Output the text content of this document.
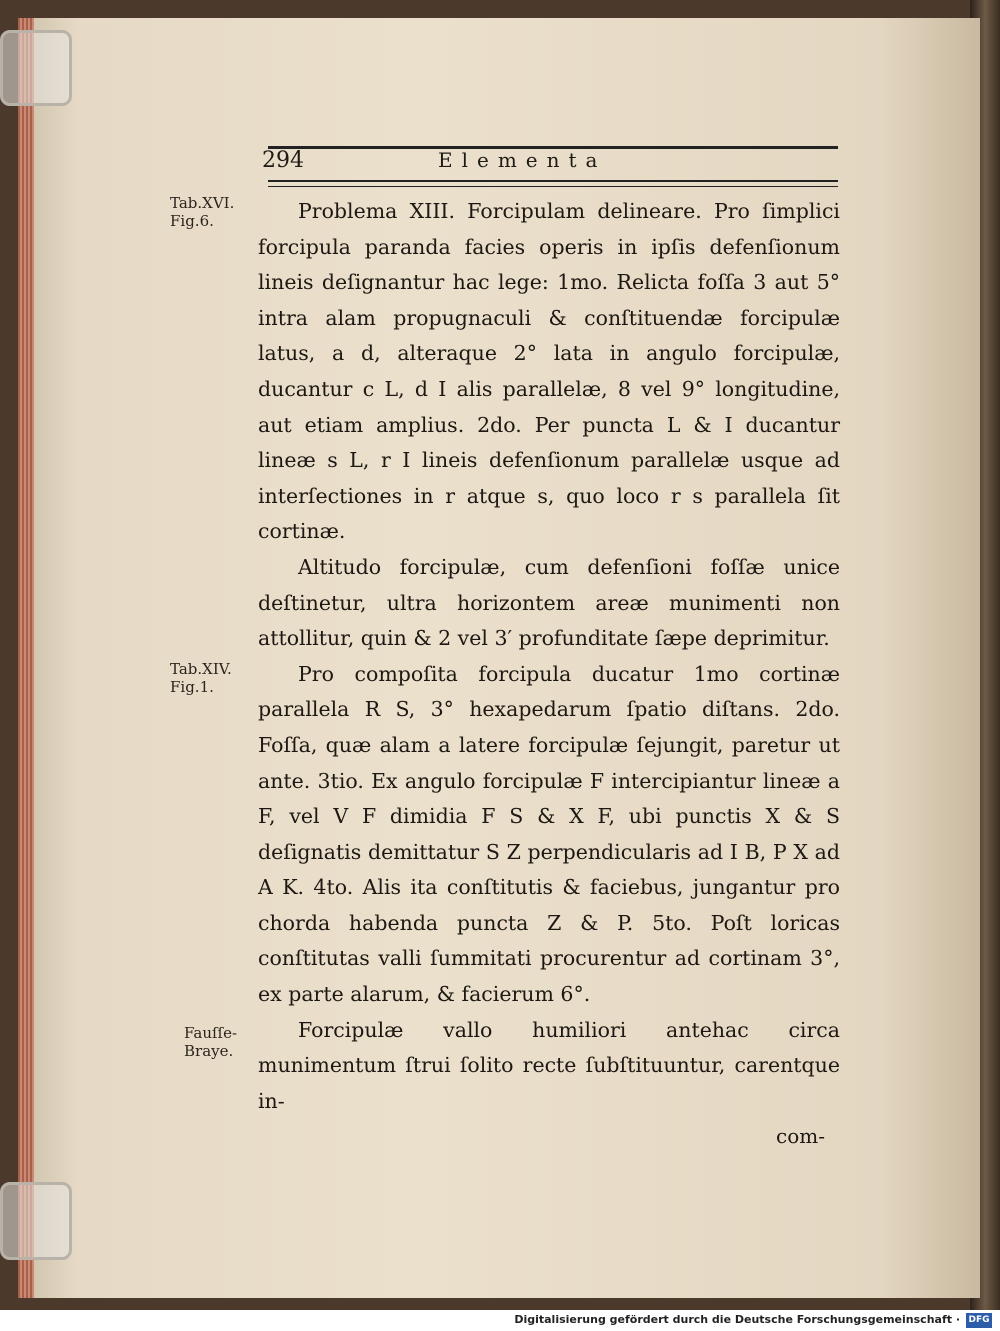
294	Elementa
Tab.XVI.
Fig.6.
Tab.XIV.
Fig.1.
Fauſſe-
Braye.

Problema XIII. Forcipulam delineare. Pro ſimplici forcipula paranda facies operis in ipſis defenſionum lineis deſignantur hac lege: 1mo. Relicta foſſa 3 aut 5° intra alam propugnaculi & conſtituendæ forcipulæ latus, a d, alteraque 2° lata in angulo forcipulæ, ducantur c L, d I alis parallelæ, 8 vel 9° longitudine, aut etiam amplius. 2do. Per puncta L & I ducantur lineæ s L, r I lineis defenſionum parallelæ usque ad interſectiones in r atque s, quo loco r s parallela ſit cortinæ.

Altitudo forcipulæ, cum defenſioni foſſæ unice deſtinetur, ultra horizontem areæ munimenti non attollitur, quin & 2 vel 3′ profunditate ſæpe deprimitur.

Pro compoſita forcipula ducatur 1mo cortinæ parallela R S, 3° hexapedarum ſpatio diſtans. 2do. Foſſa, quæ alam a latere forcipulæ ſejungit, paretur ut ante. 3tio. Ex angulo forcipulæ F intercipiantur lineæ a F, vel V F dimidia F S & X F, ubi punctis X & S deſignatis demittatur S Z perpendicularis ad I B, P X ad A K. 4to. Alis ita conſtitutis & faciebus, jungantur pro chorda habenda puncta Z & P. 5to. Poſt loricas conſtitutas valli ſummitati procurentur ad cortinam 3°, ex parte alarum, & facierum 6°.

Forcipulæ vallo humiliori antehac circa munimentum ſtrui ſolito recte ſubſtituuntur, carentque in-

com-
Digitalisierung gefördert durch die Deutsche Forschungsgemeinschaft · DFG
